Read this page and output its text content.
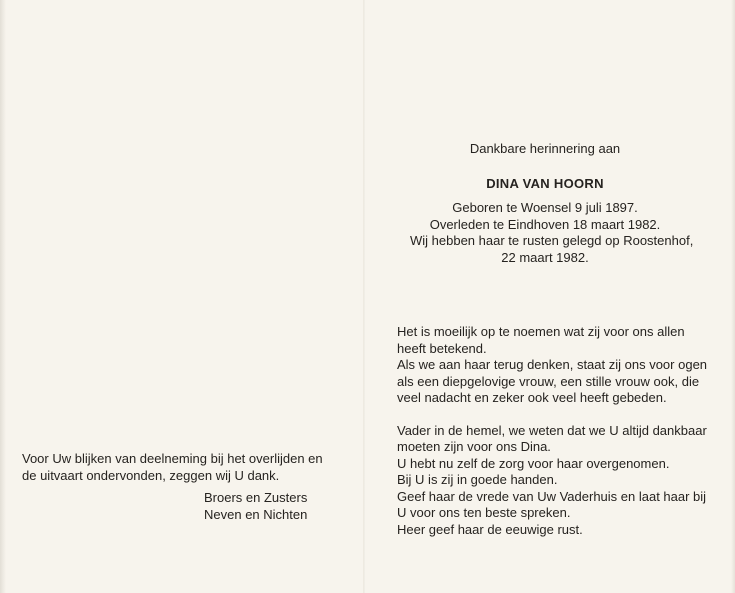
Dankbare herinnering aan
DINA VAN HOORN
Geboren te Woensel 9 juli 1897.
Overleden te Eindhoven 18 maart 1982.
Wij hebben haar te rusten gelegd op Roostenhof,
22 maart 1982.
Het is moeilijk op te noemen wat zij voor ons allen
heeft betekend.
Als we aan haar terug denken, staat zij ons voor ogen
als een diepgelovige vrouw, een stille vrouw ook, die
veel nadacht en zeker ook veel heeft gebeden.
Vader in de hemel, we weten dat we U altijd dankbaar
moeten zijn voor ons Dina.
U hebt nu zelf de zorg voor haar overgenomen.
Bij U is zij in goede handen.
Geef haar de vrede van Uw Vaderhuis en laat haar bij
U voor ons ten beste spreken.
Heer geef haar de eeuwige rust.
Voor Uw blijken van deelneming bij het overlijden en
de uitvaart ondervonden, zeggen wij U dank.
Broers en Zusters
Neven en Nichten
